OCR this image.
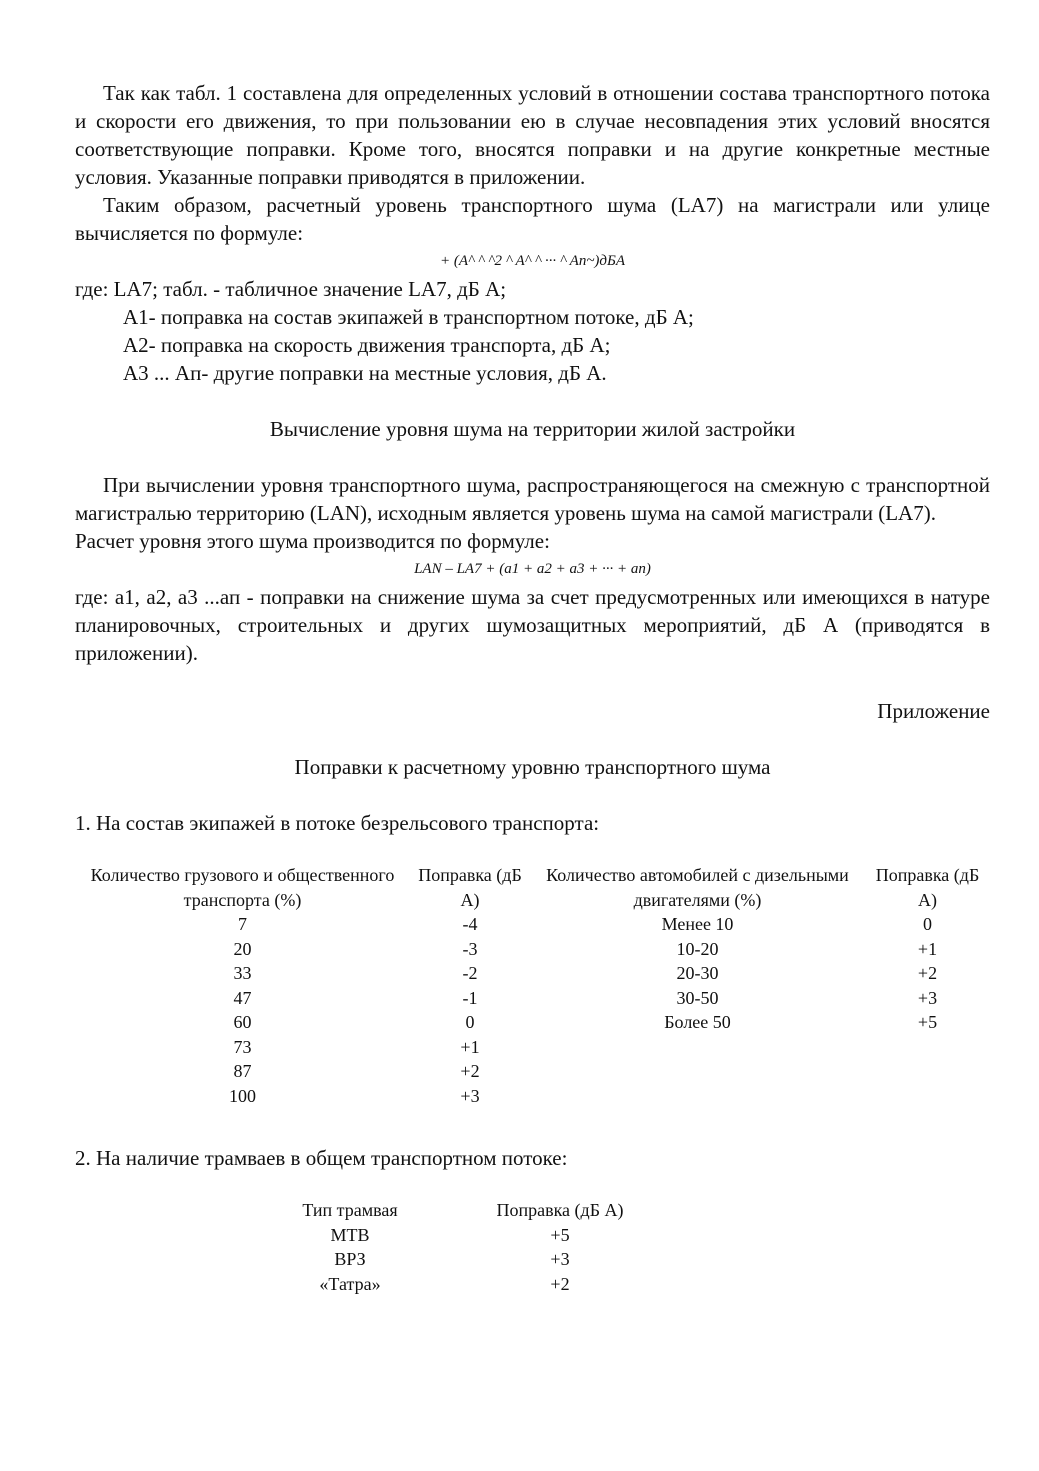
Так как табл. 1 составлена для определенных условий в отношении состава транспортного потока и скорости его движения, то при пользовании ею в случае несовпадения этих условий вносятся соответствующие поправки. Кроме того, вносятся поправки и на другие конкретные местные условия. Указанные поправки приводятся в приложении.

Таким образом, расчетный уровень транспортного шума (LA7) на магистрали или улице вычисляется по формуле:

+ (A^ ^ ^2 ^ A^ ^ ··· ^ An~)дБA

где: LA7; табл. - табличное значение LA7, дБ А;
А1- поправка на состав экипажей в транспортном потоке, дБ А;
А2- поправка на скорость движения транспорта, дБ А;
А3 ... Ап- другие поправки на местные условия, дБ А.

Вычисление уровня шума на территории жилой застройки

При вычислении уровня транспортного шума, распространяющегося на смежную с транспортной магистралью территорию (LAN), исходным является уровень шума на самой магистрали (LA7).

Расчет уровня этого шума производится по формуле:

LAN – LA7 + (a1 + a2 + a3 + ··· + an)

где: а1, а2, а3 ...ап - поправки на снижение шума за счет предусмотренных или имеющихся в натуре планировочных, строительных и других шумозащитных мероприятий, дБ А (приводятся в приложении).

Приложение

Поправки к расчетному уровню транспортного шума

1. На состав экипажей в потоке безрельсового транспорта:

Количество грузового и общественного транспорта (%)	Поправка (дБ А)	Количество автомобилей с дизельными двигателями (%)	Поправка (дБ А)
7	-4	Менее 10	0
20	-3	10-20	+1
33	-2	20-30	+2
47	-1	30-50	+3
60	0	Более 50	+5
73	+1		
87	+2		
100	+3		

2. На наличие трамваев в общем транспортном потоке:

Тип трамвая	Поправка (дБ А)
МТВ	+5
ВРЗ	+3
«Татра»	+2
